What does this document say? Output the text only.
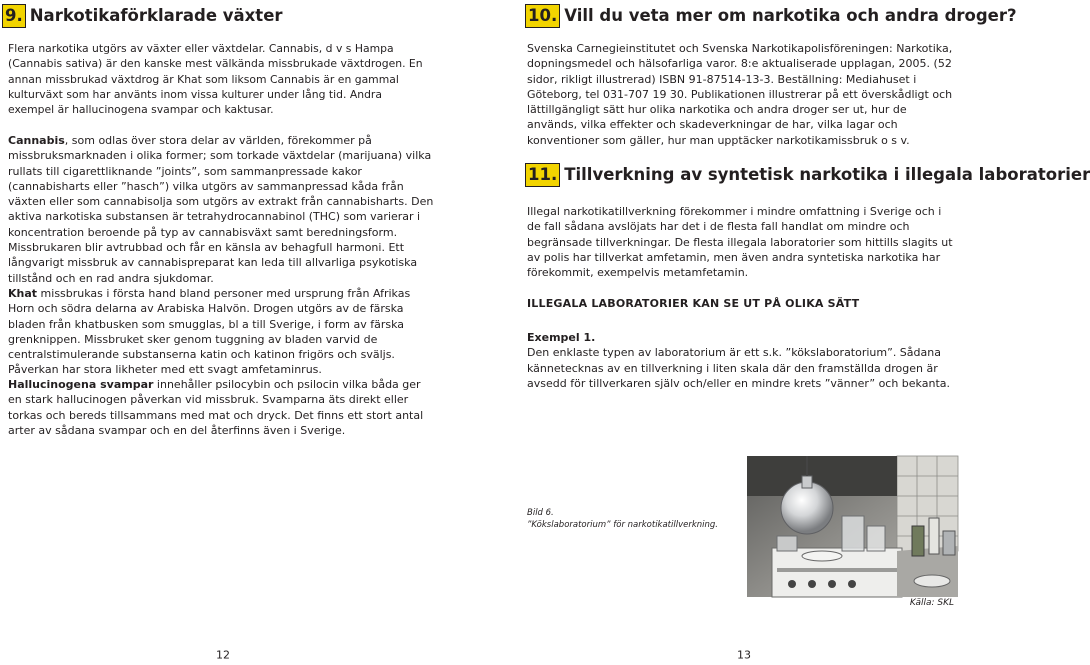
9. Narkotikaförklarade växter

Flera narkotika utgörs av växter eller växtdelar. Cannabis, d v s Hampa (Cannabis sativa) är den kanske mest välkända missbrukade växtdrogen. En annan missbrukad växtdrog är Khat som liksom Cannabis är en gammal kulturväxt som har använts inom vissa kulturer under lång tid. Andra exempel är hallucinogena svampar och kaktusar.

Cannabis, som odlas över stora delar av världen, förekommer på missbruksmarknaden i olika former; som torkade växtdelar (marijuana) vilka rullats till cigarettliknande ”joints”, som sammanpressade kakor (cannabisharts eller ”hasch”) vilka utgörs av sammanpressad kåda från växten eller som cannabisolja som utgörs av extrakt från cannabisharts. Den aktiva narkotiska substansen är tetrahydrocannabinol (THC) som varierar i koncentration beroende på typ av cannabisväxt samt beredningsform. Missbrukaren blir avtrubbad och får en känsla av behagfull harmoni. Ett långvarigt missbruk av cannabispreparat kan leda till allvarliga psykotiska tillstånd och en rad andra sjukdomar.

Khat missbrukas i första hand bland personer med ursprung från Afrikas Horn och södra delarna av Arabiska Halvön. Drogen utgörs av de färska bladen från khatbusken som smugglas, bl a till Sverige, i form av färska grenknippen. Missbruket sker genom tuggning av bladen varvid de centralstimulerande substanserna katin och katinon frigörs och sväljs. Påverkan har stora likheter med ett svagt amfetaminrus.

Hallucinogena svampar innehåller psilocybin och psilocin vilka båda ger en stark hallucinogen påverkan vid missbruk. Svamparna äts direkt eller torkas och bereds tillsammans med mat och dryck. Det finns ett stort antal arter av sådana svampar och en del återfinns även i Sverige.

12
10. Vill du veta mer om narkotika och andra droger?

Svenska Carnegieinstitutet och Svenska Narkotikapolisföreningen: Narkotika, dopningsmedel och hälsofarliga varor. 8:e aktualiserade upplagan, 2005. (52 sidor, rikligt illustrerad) ISBN 91-87514-13-3. Beställning: Mediahuset i Göteborg, tel 031-707 19 30. Publikationen illustrerar på ett överskådligt och lättillgängligt sätt hur olika narkotika och andra droger ser ut, hur de används, vilka effekter och skadeverkningar de har, vilka lagar och konventioner som gäller, hur man upptäcker narkotikamissbruk o s v.

11. Tillverkning av syntetisk narkotika i illegala laboratorier

Illegal narkotikatillverkning förekommer i mindre omfattning i Sverige och i de fall sådana avslöjats har det i de flesta fall handlat om mindre och begränsade tillverkningar. De flesta illegala laboratorier som hittills slagits ut av polis har tillverkat amfetamin, men även andra syntetiska narkotika har förekommit, exempelvis metamfetamin.

ILLEGALA LABORATORIER KAN SE UT PÅ OLIKA SÄTT

Exempel 1.

Den enklaste typen av laboratorium är ett s.k. ”kökslaboratorium”. Sådana kännetecknas av en tillverkning i liten skala där den framställda drogen är avsedd för tillverkaren själv och/eller en mindre krets ”vänner” och bekanta.

Bild 6.
”Kökslaboratorium” för narkotikatillverkning.
Källa: SKL
13
